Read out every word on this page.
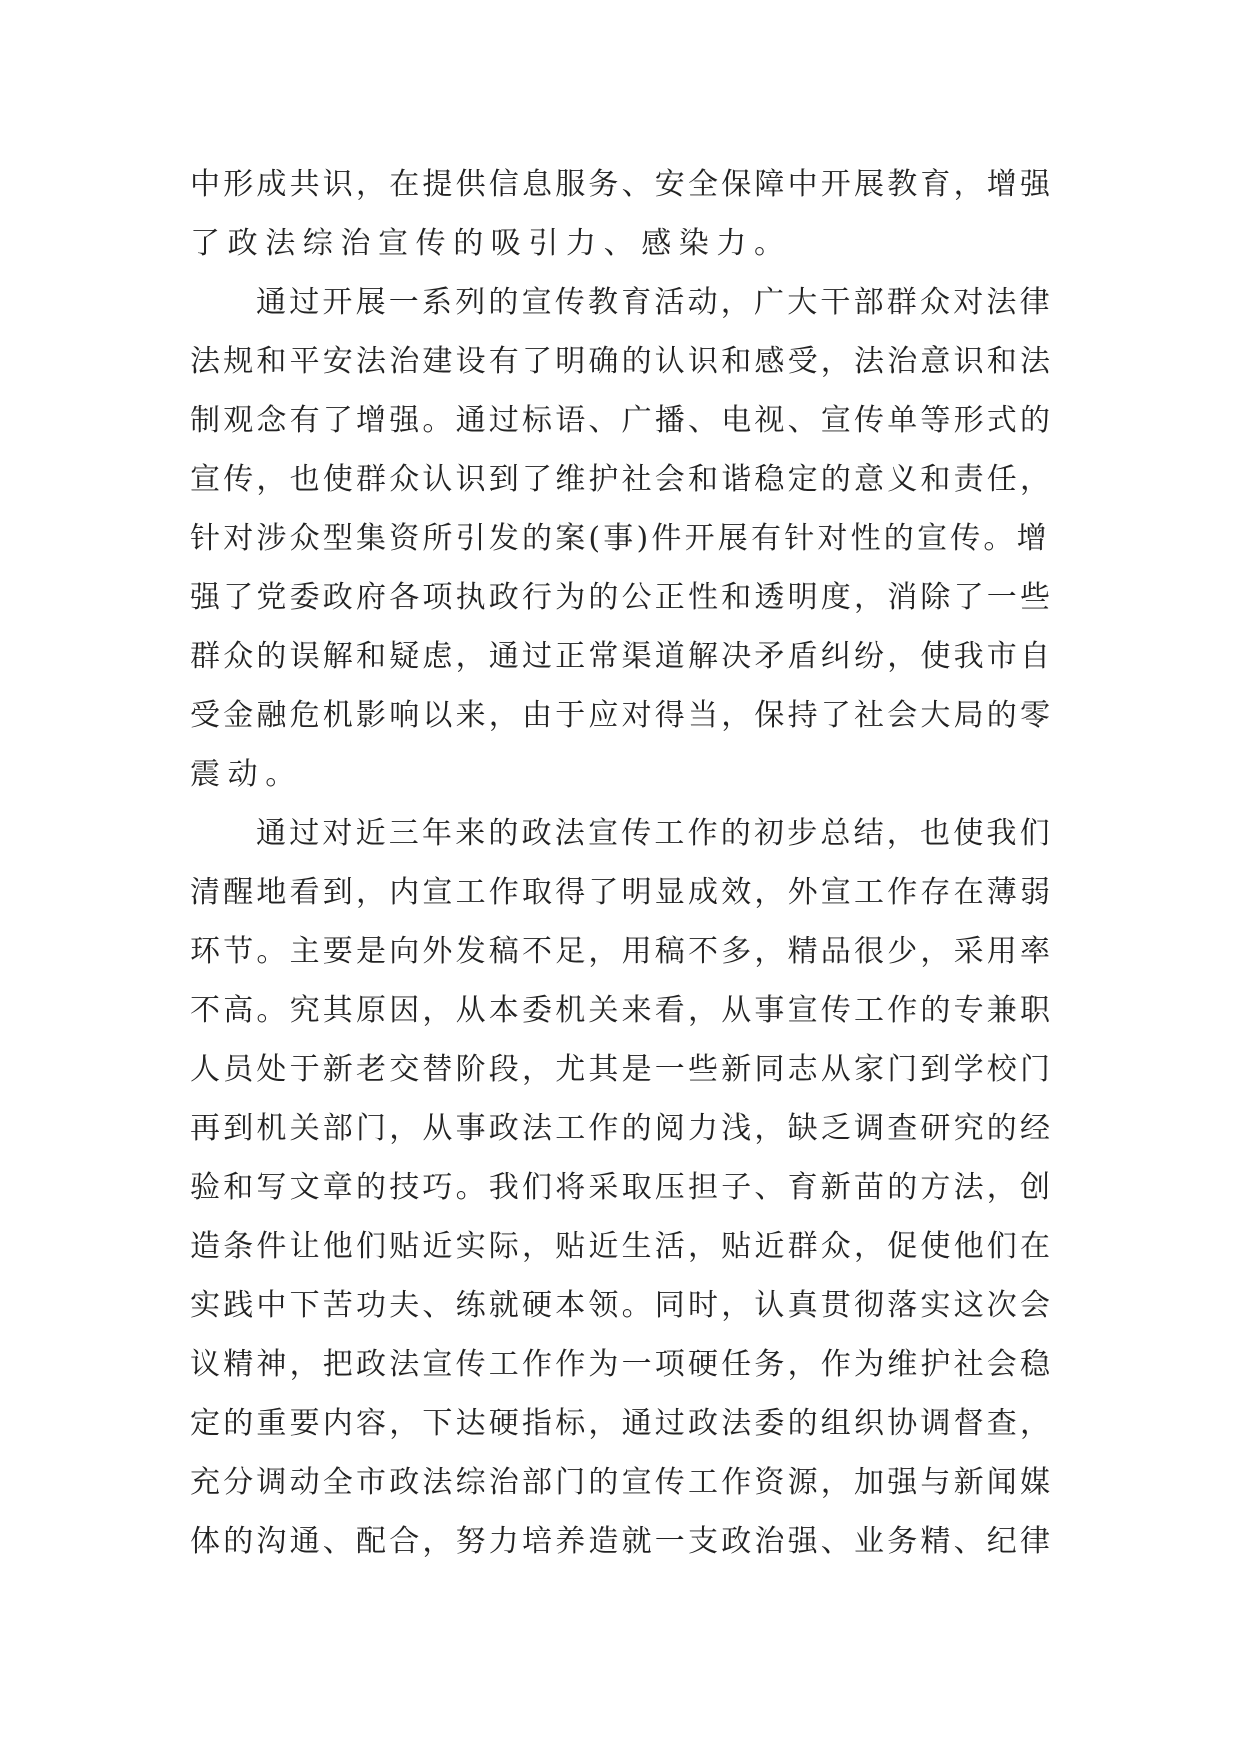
中形成共识，在提供信息服务、安全保障中开展教育，增强
了政法综治宣传的吸引力、感染力。
通过开展一系列的宣传教育活动，广大干部群众对法律
法规和平安法治建设有了明确的认识和感受，法治意识和法
制观念有了增强。通过标语、广播、电视、宣传单等形式的
宣传，也使群众认识到了维护社会和谐稳定的意义和责任，
针对涉众型集资所引发的案(事)件开展有针对性的宣传。增
强了党委政府各项执政行为的公正性和透明度，消除了一些
群众的误解和疑虑，通过正常渠道解决矛盾纠纷，使我市自
受金融危机影响以来，由于应对得当，保持了社会大局的零
震动。
通过对近三年来的政法宣传工作的初步总结，也使我们
清醒地看到，内宣工作取得了明显成效，外宣工作存在薄弱
环节。主要是向外发稿不足，用稿不多，精品很少，采用率
不高。究其原因，从本委机关来看，从事宣传工作的专兼职
人员处于新老交替阶段，尤其是一些新同志从家门到学校门
再到机关部门，从事政法工作的阅力浅，缺乏调查研究的经
验和写文章的技巧。我们将采取压担子、育新苗的方法，创
造条件让他们贴近实际，贴近生活，贴近群众，促使他们在
实践中下苦功夫、练就硬本领。同时，认真贯彻落实这次会
议精神，把政法宣传工作作为一项硬任务，作为维护社会稳
定的重要内容，下达硬指标，通过政法委的组织协调督查，
充分调动全市政法综治部门的宣传工作资源，加强与新闻媒
体的沟通、配合，努力培养造就一支政治强、业务精、纪律
